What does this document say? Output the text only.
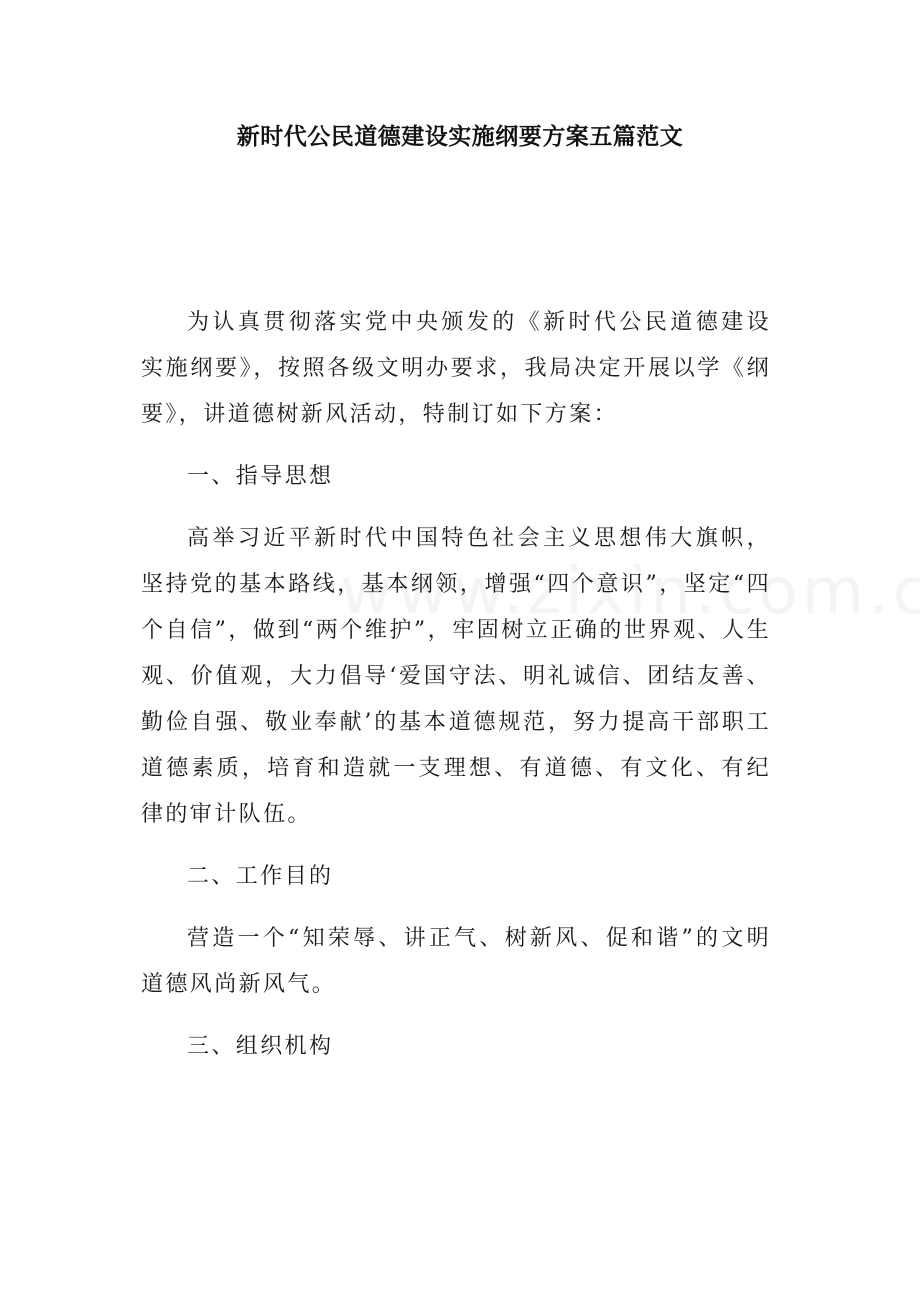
新时代公民道德建设实施纲要方案五篇范文

为认真贯彻落实党中央颁发的《新时代公民道德建设实施纲要》，按照各级文明办要求，我局决定开展以学《纲要》，讲道德树新风活动，特制订如下方案：

一、指导思想

高举习近平新时代中国特色社会主义思想伟大旗帜，坚持党的基本路线，基本纲领，增强“四个意识”，坚定“四个自信”，做到“两个维护”，牢固树立正确的世界观、人生观、价值观，大力倡导‘爱国守法、明礼诚信、团结友善、勤俭自强、敬业奉献’的基本道德规范，努力提高干部职工道德素质，培育和造就一支理想、有道德、有文化、有纪律的审计队伍。

二、工作目的

营造一个“知荣辱、讲正气、树新风、促和谐”的文明道德风尚新风气。

三、组织机构
